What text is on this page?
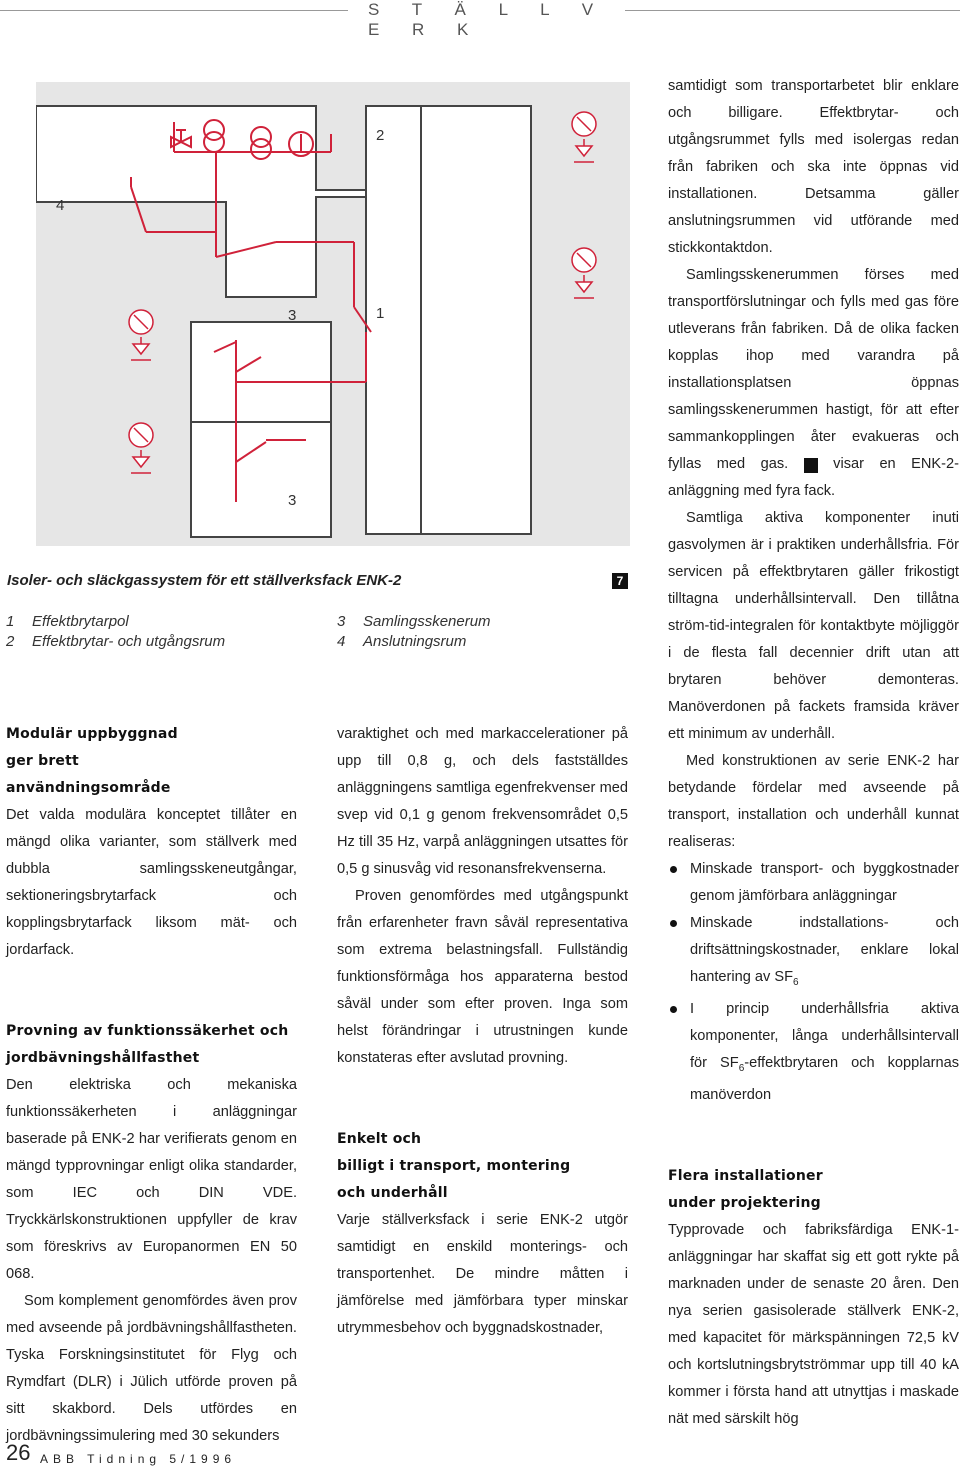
S T Ä L L V E R K
2
4
3	1
3
Isoler- och släckgassystem för ett ställverksfack ENK-2	7
1 Effektbrytarpol
2 Effektbrytar- och utgångsrum
3 Samlingsskenerum
4 Anslutningsrum
Modulär uppbyggnad
ger brett
användningsområde

Det valda modulära konceptet tillåter en mängd olika varianter, som ställverk med dubbla samlingsskeneutgångar, sektioneringsbrytarfack och kopplingsbrytarfack liksom mät- och jordarfack.

Provning av funktionssäkerhet och
jordbävningshållfasthet

Den elektriska och mekaniska funktionssäkerheten i anläggningar baserade på ENK-2 har verifierats genom en mängd typprovningar enligt olika standarder, som IEC och DIN VDE. Tryckkärlskonstruktionen uppfyller de krav som föreskrivs av Europanormen EN 50 068.

Som komplement genomfördes även prov med avseende på jordbävningshållfastheten. Tyska Forskningsinstitutet för Flyg och Rymdfart (DLR) i Jülich utförde proven på sitt skakbord. Dels utfördes en jordbävningssimulering med 30 sekunders

varaktighet och med markaccelerationer på upp till 0,8 g, och dels fastställdes anläggningens samtliga egenfrekvenser med svep vid 0,1 g genom frekvensområdet 0,5 Hz till 35 Hz, varpå anläggningen utsattes för 0,5 g sinusvåg vid resonansfrekvenserna.

Proven genomfördes med utgångspunkt från erfarenheter fravn såväl representativa som extrema belastningsfall. Fullständig funktionsförmåga hos apparaterna bestod såväl under som efter proven. Inga som helst förändringar i utrustningen kunde konstateras efter avslutad provning.

Enkelt och
billigt i transport, montering
och underhåll

Varje ställverksfack i serie ENK-2 utgör samtidigt en enskild monterings- och transportenhet. De mindre måtten i jämförelse med jämförbara typer minskar utrymmesbehov och byggnadskostnader,

samtidigt som transportarbetet blir enklare och billigare. Effektbrytar- och utgångsrummet fylls med isolergas redan från fabriken och ska inte öppnas vid installationen. Detsamma gäller anslutningsrummen vid utförande med stickkontaktdon.

Samlingsskenerummen förses med transportförslutningar och fylls med gas före utleverans från fabriken. Då de olika facken kopplas ihop med varandra på installationsplatsen öppnas samlingsskenerummen hastigt, för att efter sammankopplingen åter evakueras och fyllas med gas.	8 visar en ENK-2-anläggning med fyra fack.

Samtliga aktiva komponenter inuti gasvolymen är i praktiken underhållsfria. För servicen på effektbrytaren gäller frikostigt tilltagna underhållsintervall. Den tillåtna ström-tid-integralen för kontaktbyte möjliggör i de flesta fall decennier drift utan att brytaren behöver demonteras. Manöverdonen på fackets framsida kräver ett minimum av underhåll.

Med konstruktionen av serie ENK-2 har betydande fördelar med avseende på transport, installation och underhåll kunnat realiseras:

Minskade transport- och byggkostnader genom jämförbara anläggningar

Minskade indstallations- och driftsättningskostnader, enklare lokal hantering av $SF_6$

I princip underhållsfria aktiva komponenter, långa underhållsintervall för $SF_6$-effektbrytaren och kopplarnas manöverdon

Flera installationer
under projektering

Typprovade och fabriksfärdiga ENK-1-anläggningar har skaffat sig ett gott rykte på marknaden under de senaste 20 åren. Den nya serien gasisolerade ställverk ENK-2, med kapacitet för märkspänningen 72,5 kV och kortslutningsbrytströmmar upp till 40 kA kommer i första hand att utnyttjas i maskade nät med särskilt hög

26 ABB Tidning 5/1996
